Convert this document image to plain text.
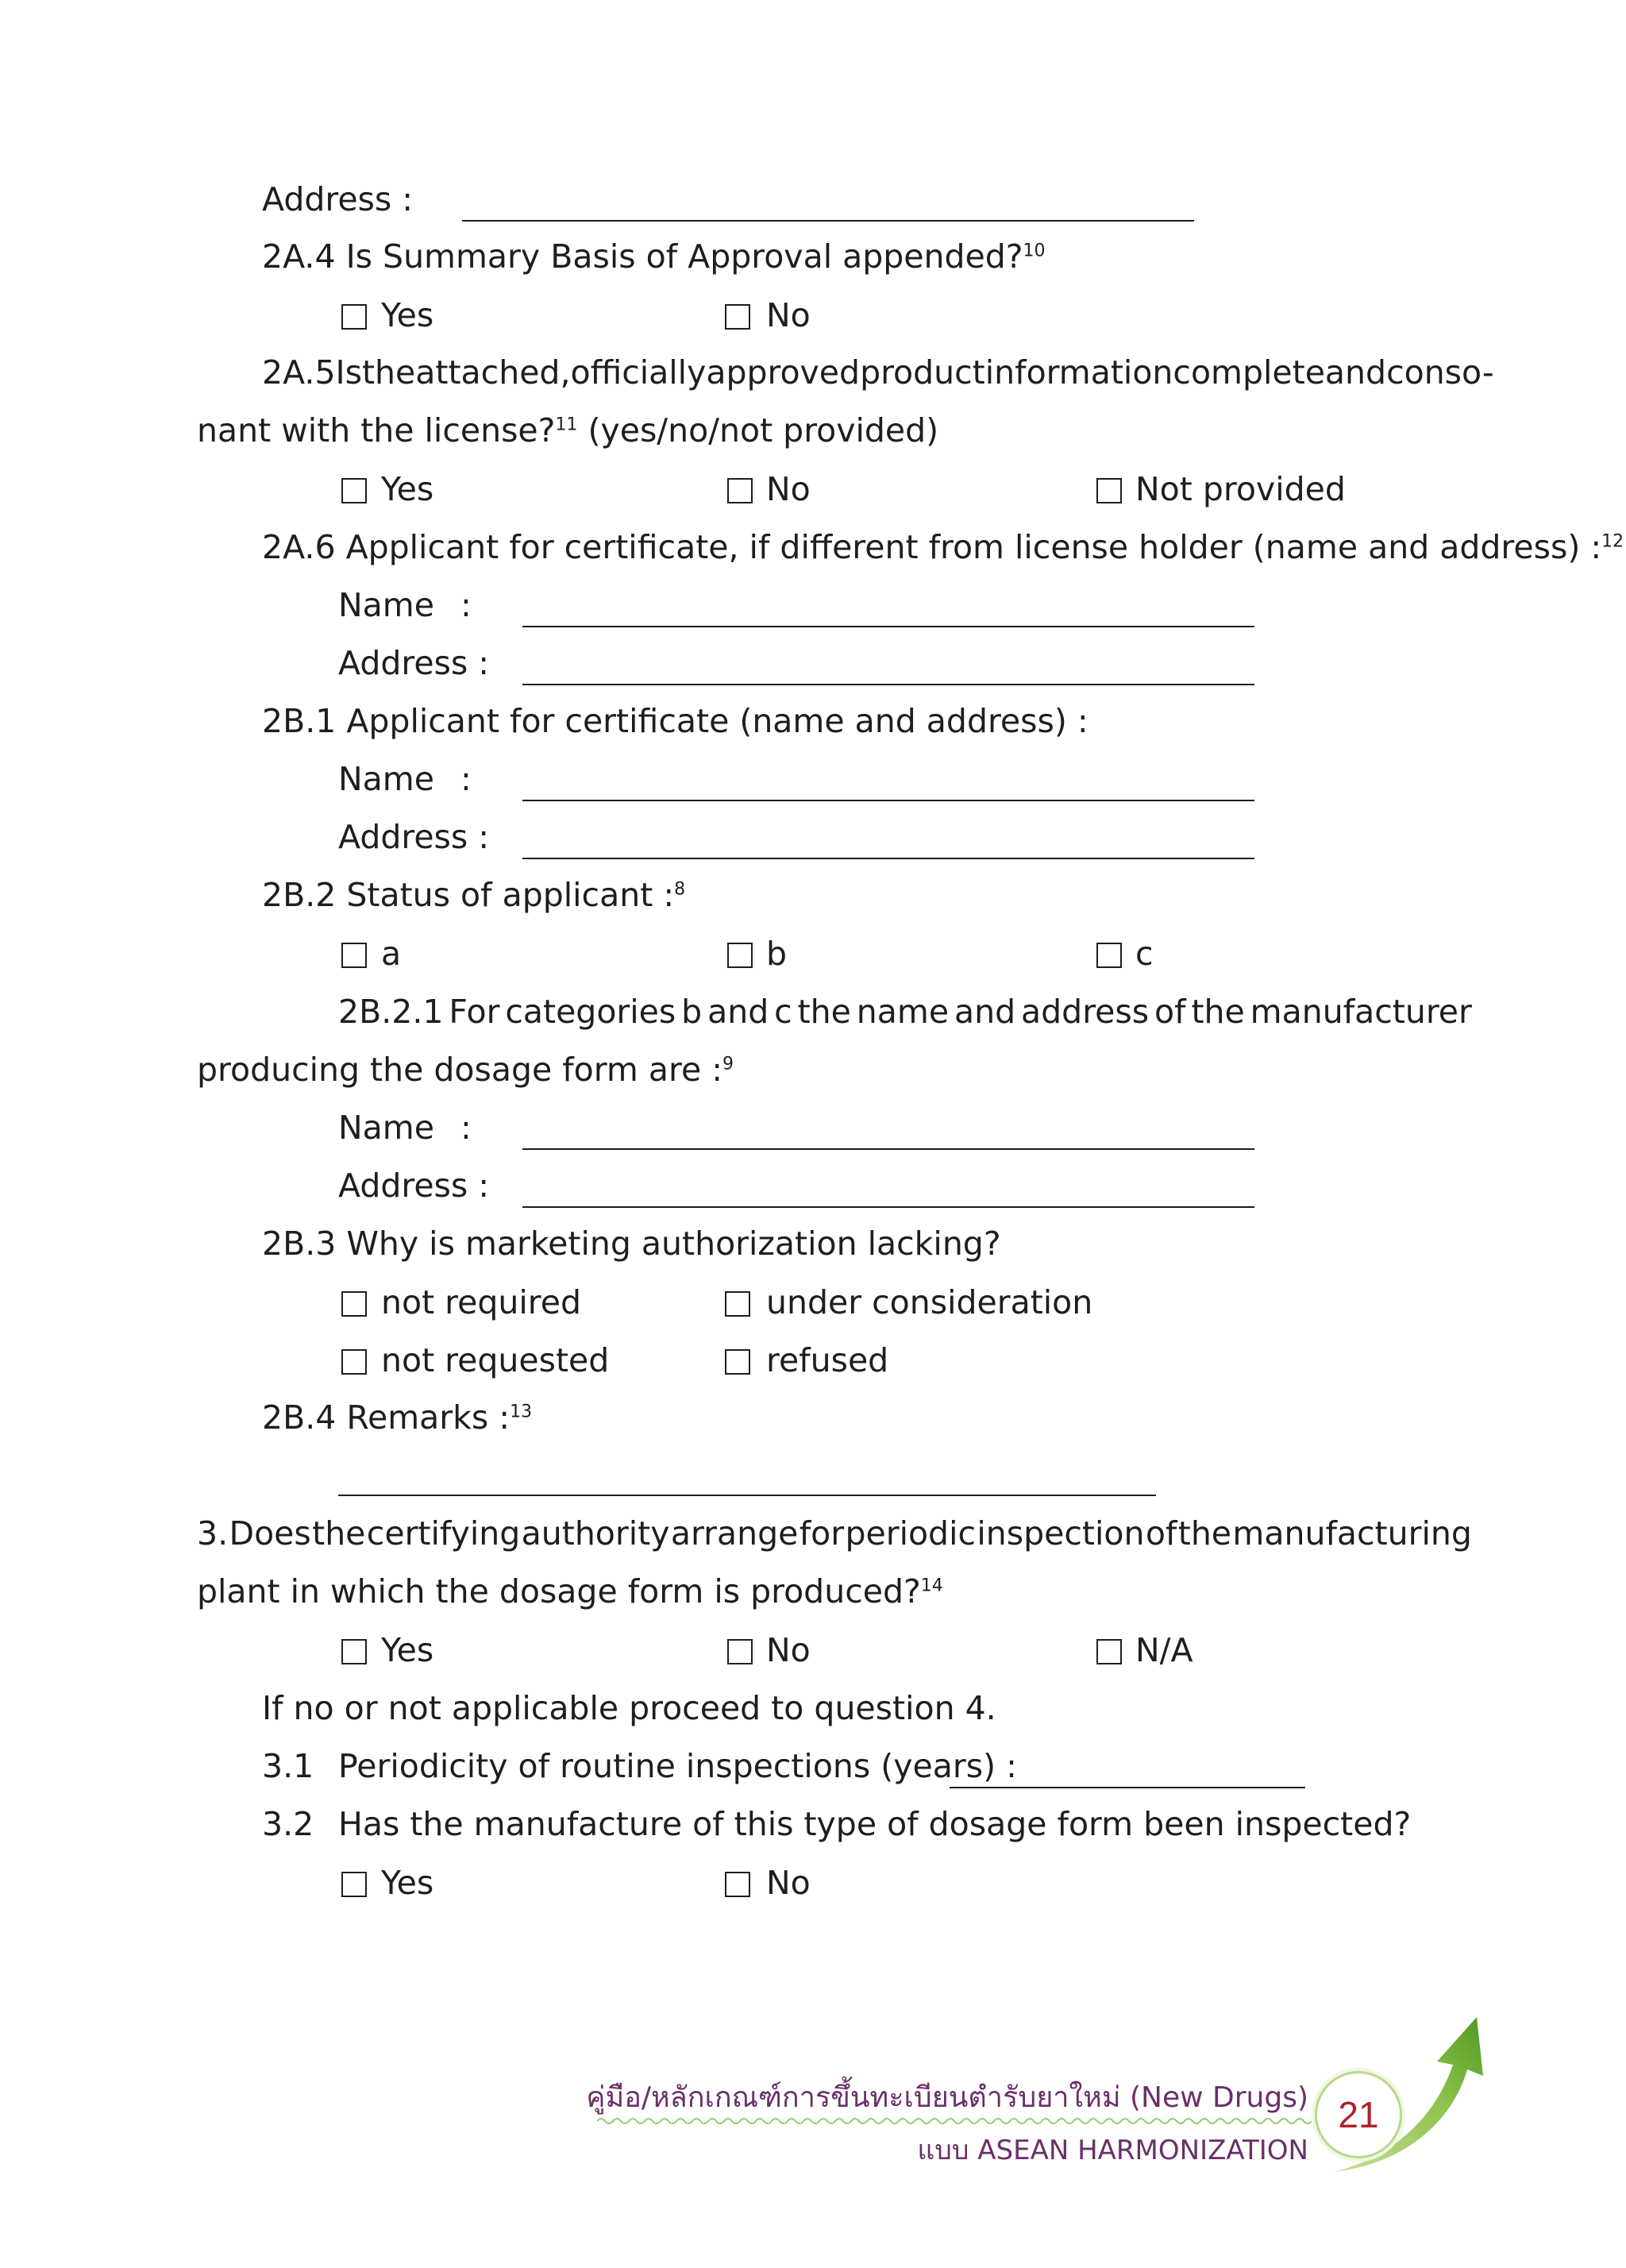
Address :
2A.4 Is Summary Basis of Approval appended?$^{10}$
Yes	No
2A.5 Is the attached, officially approved product information complete and conso-
nant with the license?$^{11}$ (yes/no/not provided)
Yes	No	Not provided
2A.6 Applicant for certificate, if different from license holder (name and address) :$^{12}$
Name :
Address :
2B.1 Applicant for certificate (name and address) :
Name :
Address :
2B.2 Status of applicant :$^8$
a	b	c
2B.2.1 For categories b and c the name and address of the manufacturer
producing the dosage form are :$^9$
Name :
Address :
2B.3 Why is marketing authorization lacking?
not required	under consideration
not requested	refused
2B.4 Remarks :$^{13}$
3. Does the certifying authority arrange for periodic inspection of the manufacturing
plant in which the dosage form is produced?$^{14}$
Yes	No	N/A
If no or not applicable proceed to question 4.
3.1 Periodicity of routine inspections (years) :
3.2 Has the manufacture of this type of dosage form been inspected?
Yes	No
21
คู่มือ/หลักเกณฑ์การขึ้นทะเบียนตำรับยาใหม่ (New Drugs)
แบบ ASEAN HARMONIZATION
